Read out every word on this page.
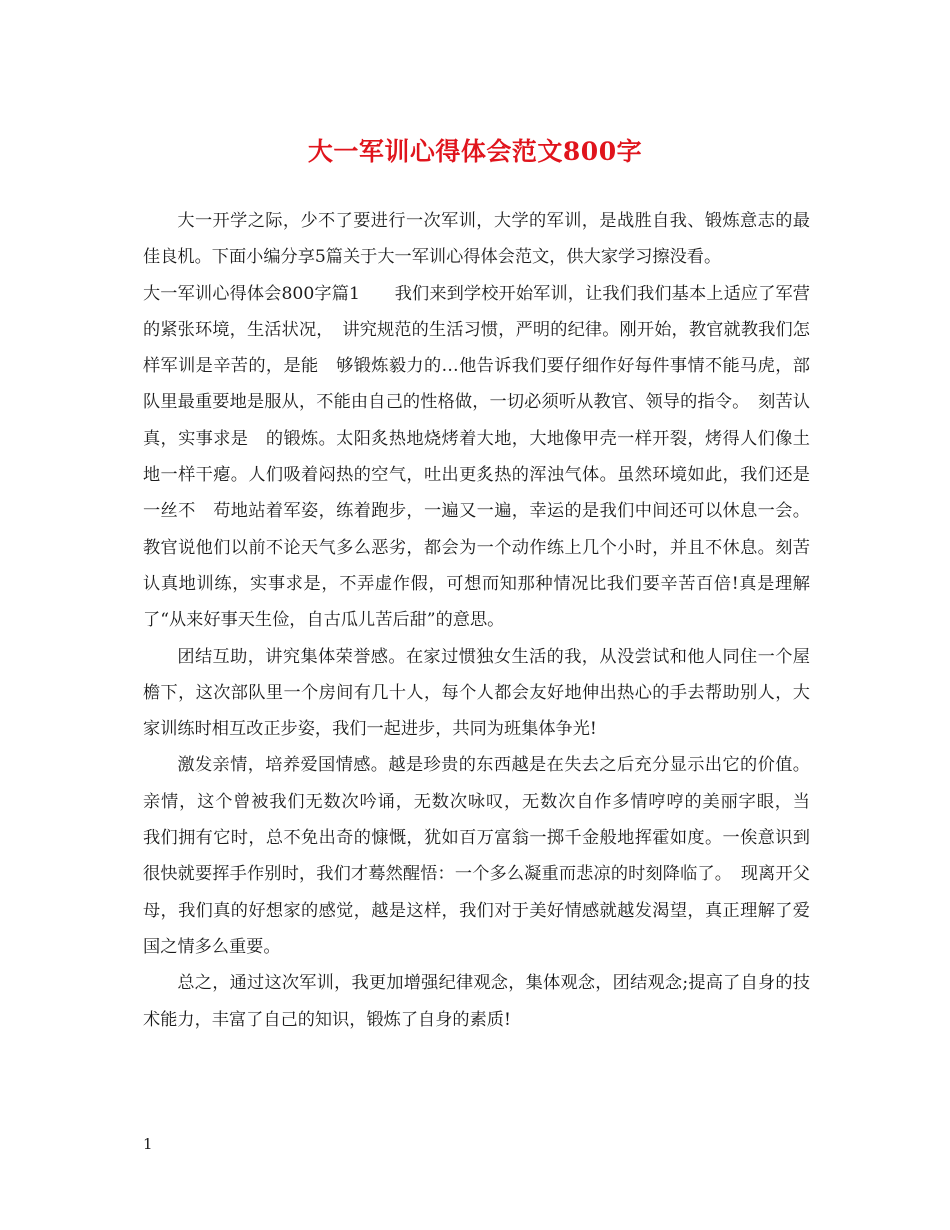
大一军训心得体会范文800字

大一开学之际，少不了要进行一次军训，大学的军训，是战胜自我、锻炼意志的最佳良机。下面小编分享5篇关于大一军训心得体会范文，供大家学习擦没看。

大一军训心得体会800字篇1　　我们来到学校开始军训，让我们我们基本上适应了军营的紧张环境，生活状况，　讲究规范的生活习惯，严明的纪律。刚开始，教官就教我们怎样军训是辛苦的，是能　够锻炼毅力的…他告诉我们要仔细作好每件事情不能马虎，部队里最重要地是服从，不能由自己的性格做，一切必须听从教官、领导的指令。　刻苦认真，实事求是　的锻炼。太阳炙热地烧烤着大地，大地像甲壳一样开裂，烤得人们像土地一样干瘪。人们吸着闷热的空气，吐出更炙热的浑浊气体。虽然环境如此，我们还是一丝不　苟地站着军姿，练着跑步，一遍又一遍，幸运的是我们中间还可以休息一会。教官说他们以前不论天气多么恶劣，都会为一个动作练上几个小时，并且不休息。刻苦　认真地训练，实事求是，不弄虚作假，可想而知那种情况比我们要辛苦百倍!真是理解了“从来好事天生俭，自古瓜儿苦后甜”的意思。

团结互助，讲究集体荣誉感。在家过惯独女生活的我，从没尝试和他人同住一个屋檐下，这次部队里一个房间有几十人，每个人都会友好地伸出热心的手去帮助别人，大家训练时相互改正步姿，我们一起进步，共同为班集体争光!

激发亲情，培养爱国情感。越是珍贵的东西越是在失去之后充分显示出它的价值。亲情，这个曾被我们无数次吟诵，无数次咏叹，无数次自作多情哼哼的美丽字眼，当　我们拥有它时，总不免出奇的慷慨，犹如百万富翁一掷千金般地挥霍如度。一俟意识到很快就要挥手作别时，我们才蓦然醒悟：一个多么凝重而悲凉的时刻降临了。　现离开父母，我们真的好想家的感觉，越是这样，我们对于美好情感就越发渴望，真正理解了爱国之情多么重要。

总之，通过这次军训，我更加增强纪律观念，集体观念，团结观念;提高了自身的技术能力，丰富了自己的知识，锻炼了自身的素质!

1
